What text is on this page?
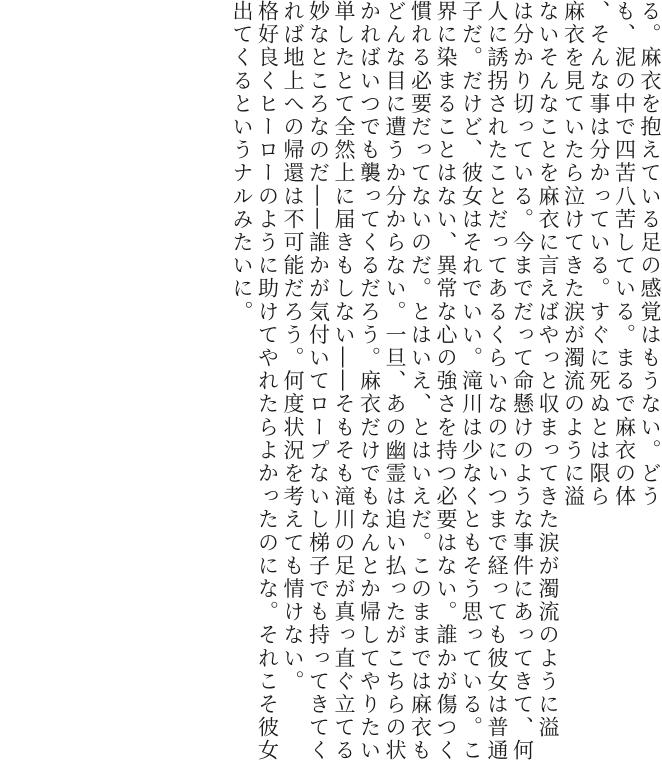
る。麻衣を抱えている足の感覚はもうない。どう
も、泥の中で四苦八苦している。まるで麻衣の体
、そんな事は分かっている。すぐに死ぬとは限ら
麻衣を見ていたら泣けてきた涙が濁流のように溢
ないそんなことを麻衣に言えばやっと収まってきた涙が濁流のように溢
は分かり切っている。今までだって命懸けのような事件にあってきて、何
人に誘拐されたことだってあるくらいなのにいつまで経っても彼女は普通
子だ。だけど、彼女はそれでいい。滝川は少なくともそう思っている。こ
界に染まることはない、異常な心の強さを持つ必要はない。誰かが傷つく
慣れる必要だってないのだ。とはいえ、とはいえだ。このままでは麻衣も
どんな目に遭うか分からない。一旦、あの幽霊は追い払ったがこちらの状
かればいつでも襲ってくるだろう。麻衣だけでもなんとか帰してやりたい
単したとて全然上に届きもしない――そもそも滝川の足が真っ直ぐ立てる
妙なところなのだ――誰かが気付いてロープないし梯子でも持ってきてく
れば地上への帰還は不可能だろう。何度状況を考えても情けない。
格好良くヒーローのように助けてやれたらよかったのにな。それこそ彼女
出てくるというナルみたいに。
